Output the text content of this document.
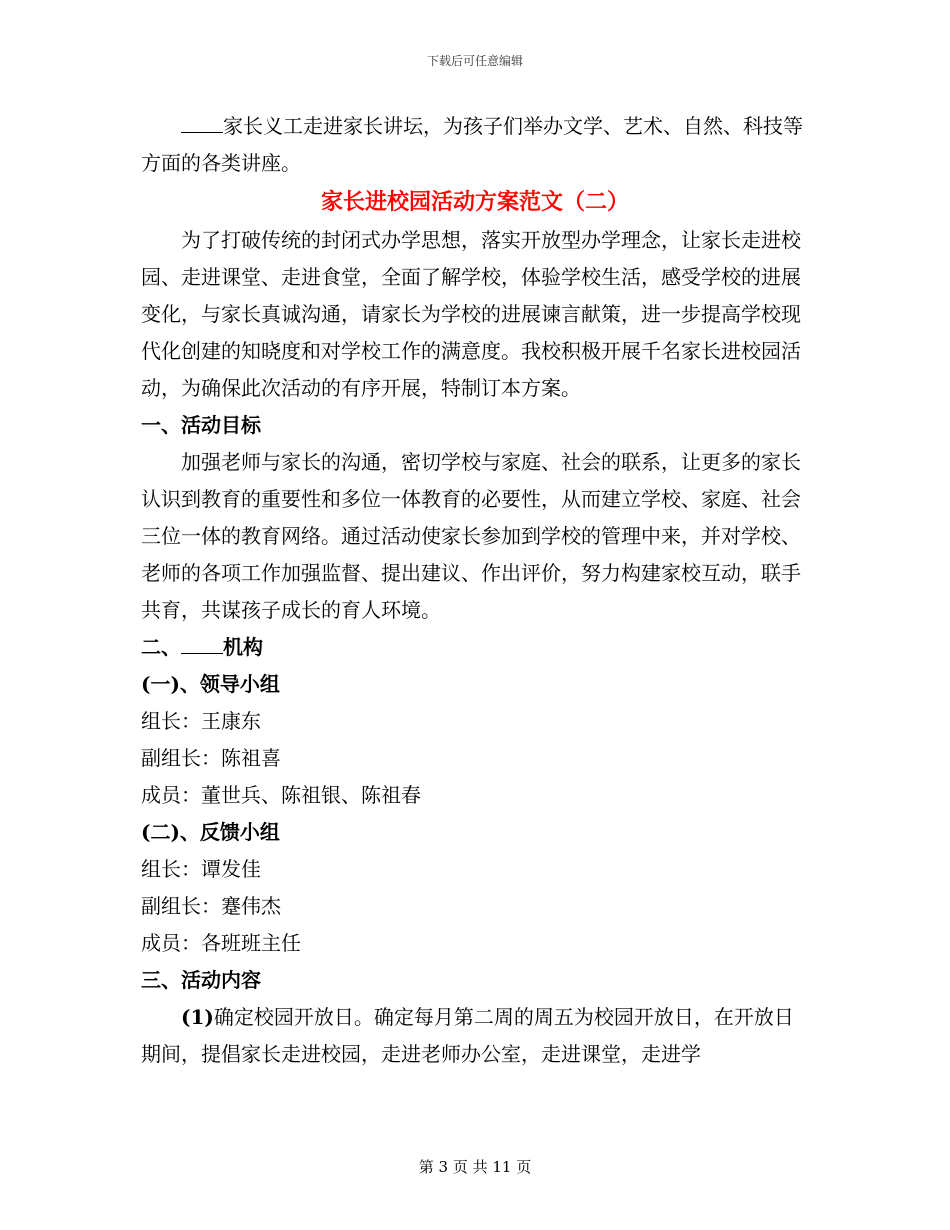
下载后可任意编辑

家长义工走进家长讲坛，为孩子们举办文学、艺术、自然、科技等方面的各类讲座。

家长进校园活动方案范文（二）

为了打破传统的封闭式办学思想，落实开放型办学理念，让家长走进校园、走进课堂、走进食堂，全面了解学校，体验学校生活，感受学校的进展变化，与家长真诚沟通，请家长为学校的进展谏言献策，进一步提高学校现代化创建的知晓度和对学校工作的满意度。我校积极开展千名家长进校园活动，为确保此次活动的有序开展，特制订本方案。

一、活动目标

加强老师与家长的沟通，密切学校与家庭、社会的联系，让更多的家长认识到教育的重要性和多位一体教育的必要性，从而建立学校、家庭、社会三位一体的教育网络。通过活动使家长参加到学校的管理中来，并对学校、老师的各项工作加强监督、提出建议、作出评价，努力构建家校互动，联手共育，共谋孩子成长的育人环境。

二、 机构

(一)、领导小组

组长：王康东

副组长：陈祖喜

成员：董世兵、陈祖银、陈祖春

(二)、反馈小组

组长：谭发佳

副组长：蹇伟杰

成员：各班班主任

三、活动内容

(1)确定校园开放日。确定每月第二周的周五为校园开放日，在开放日期间，提倡家长走进校园，走进老师办公室，走进课堂，走进学

第 3 页 共 11 页
